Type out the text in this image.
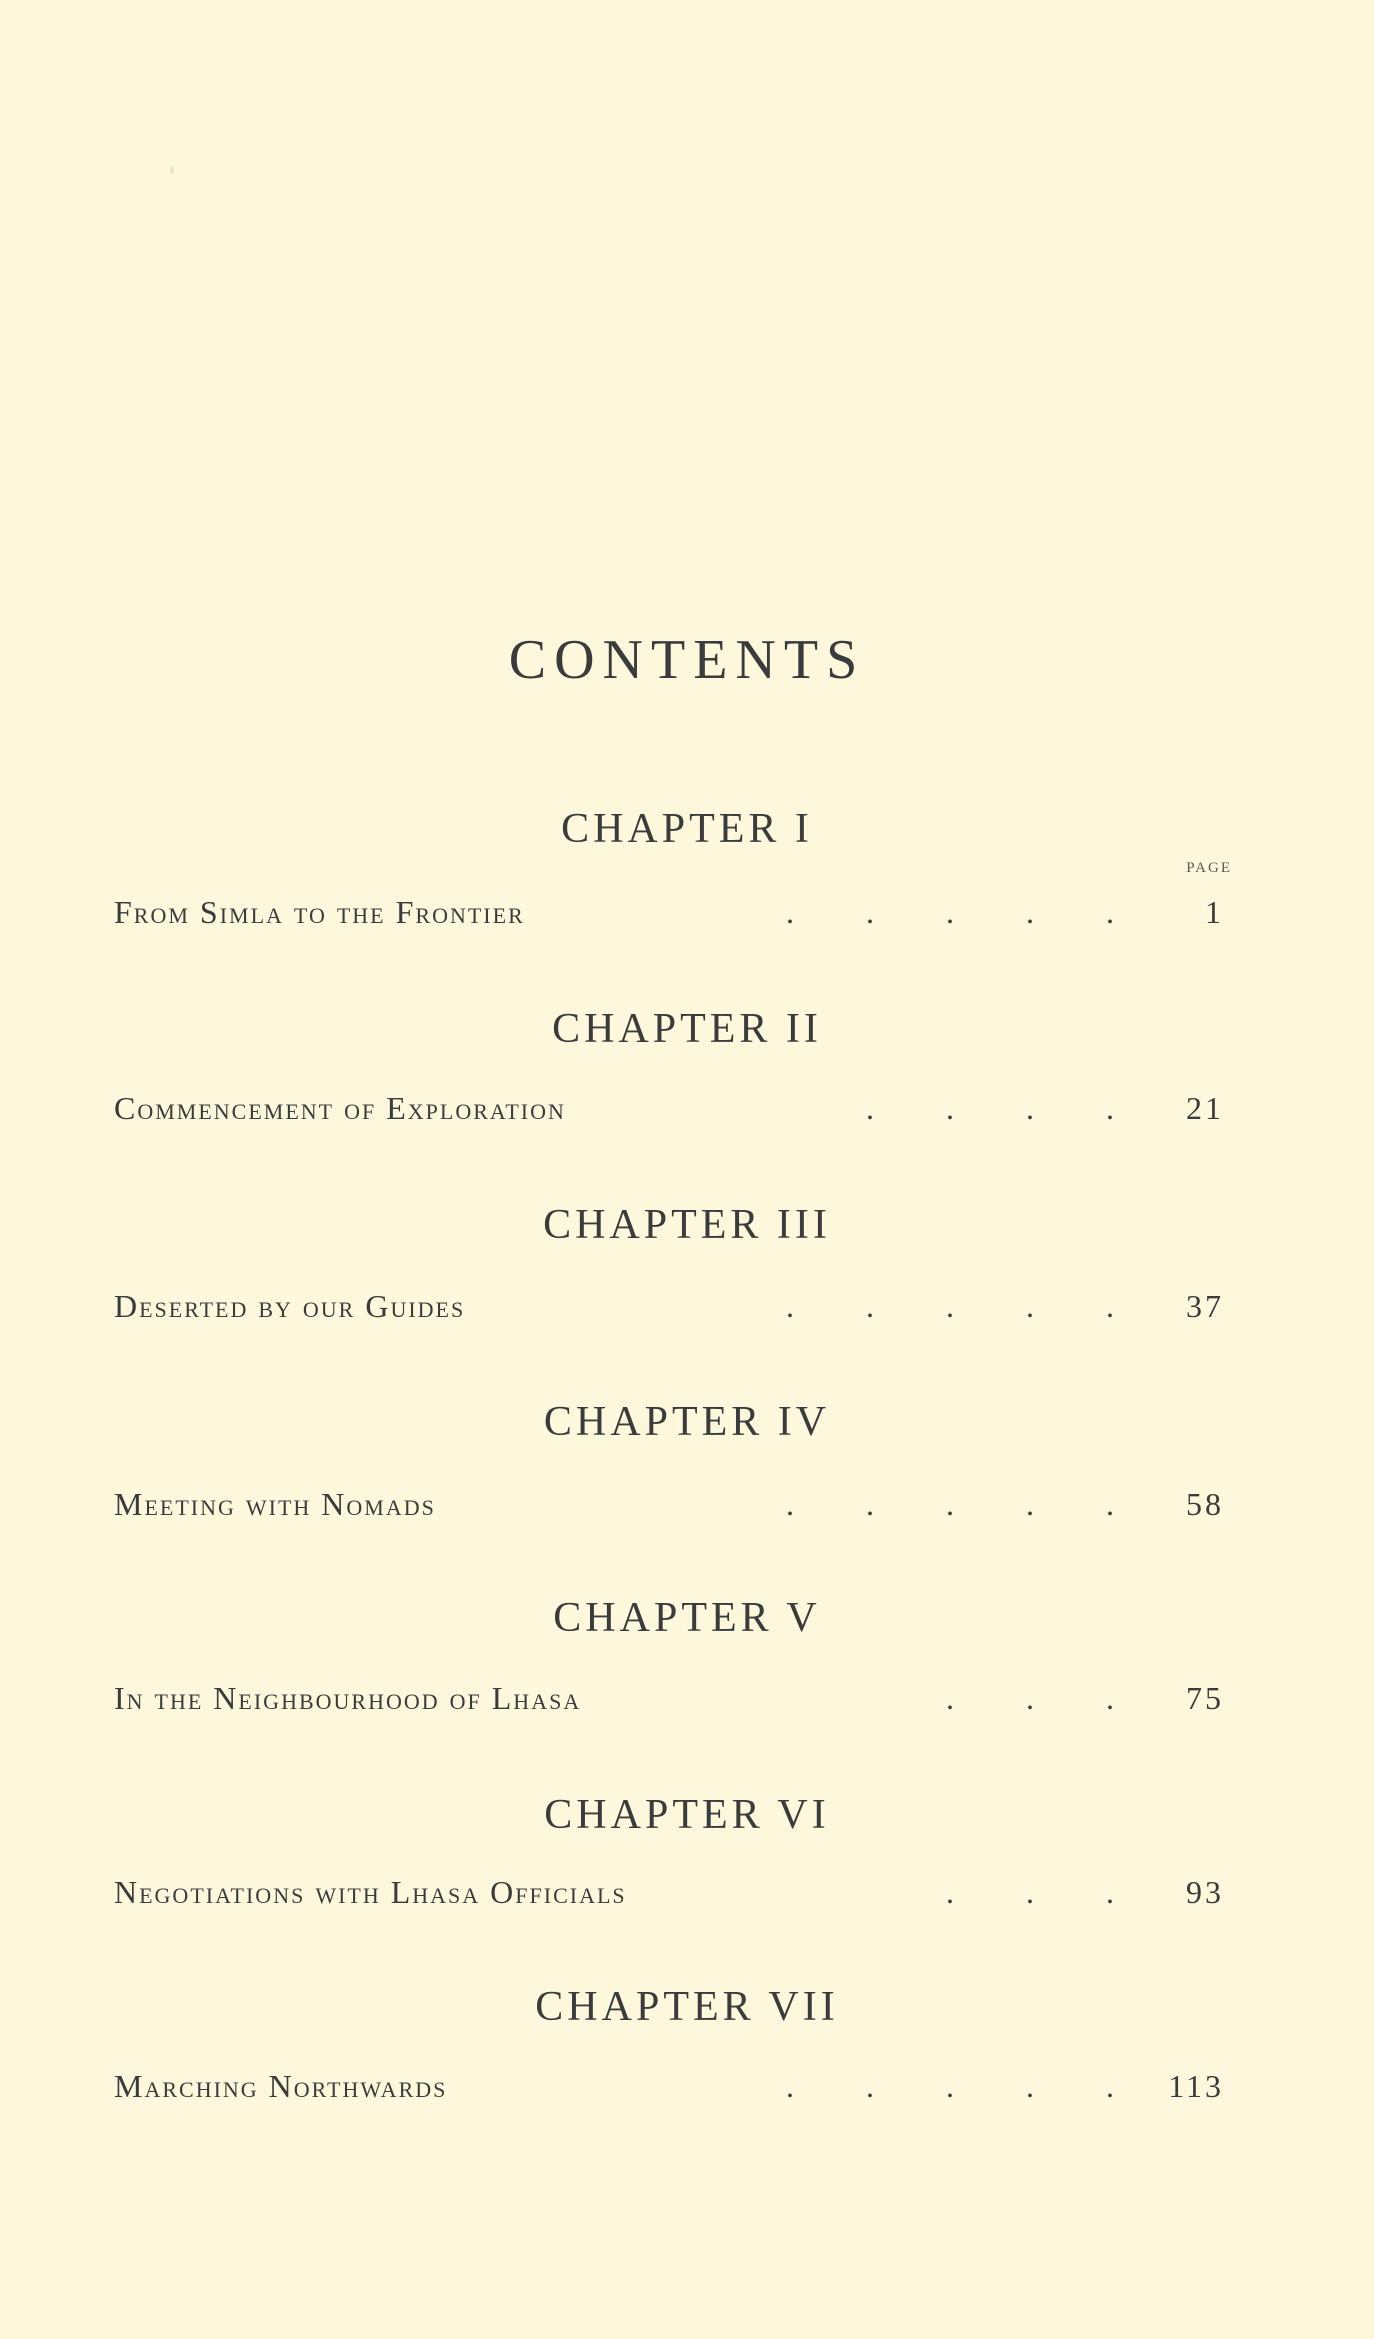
CONTENTS
PAGE
CHAPTER I
From Simla to the Frontier	. . . . .	1
CHAPTER II
Commencement of Exploration	. . . . 21
CHAPTER III
Deserted by our Guides	. . . . . 37
CHAPTER IV
Meeting with Nomads	. . . . . 58
CHAPTER V
In the Neighbourhood of Lhasa	. . . 75
CHAPTER VI
Negotiations with Lhasa Officials	. . . 93
CHAPTER VII
Marching Northwards	. . . . . 113
